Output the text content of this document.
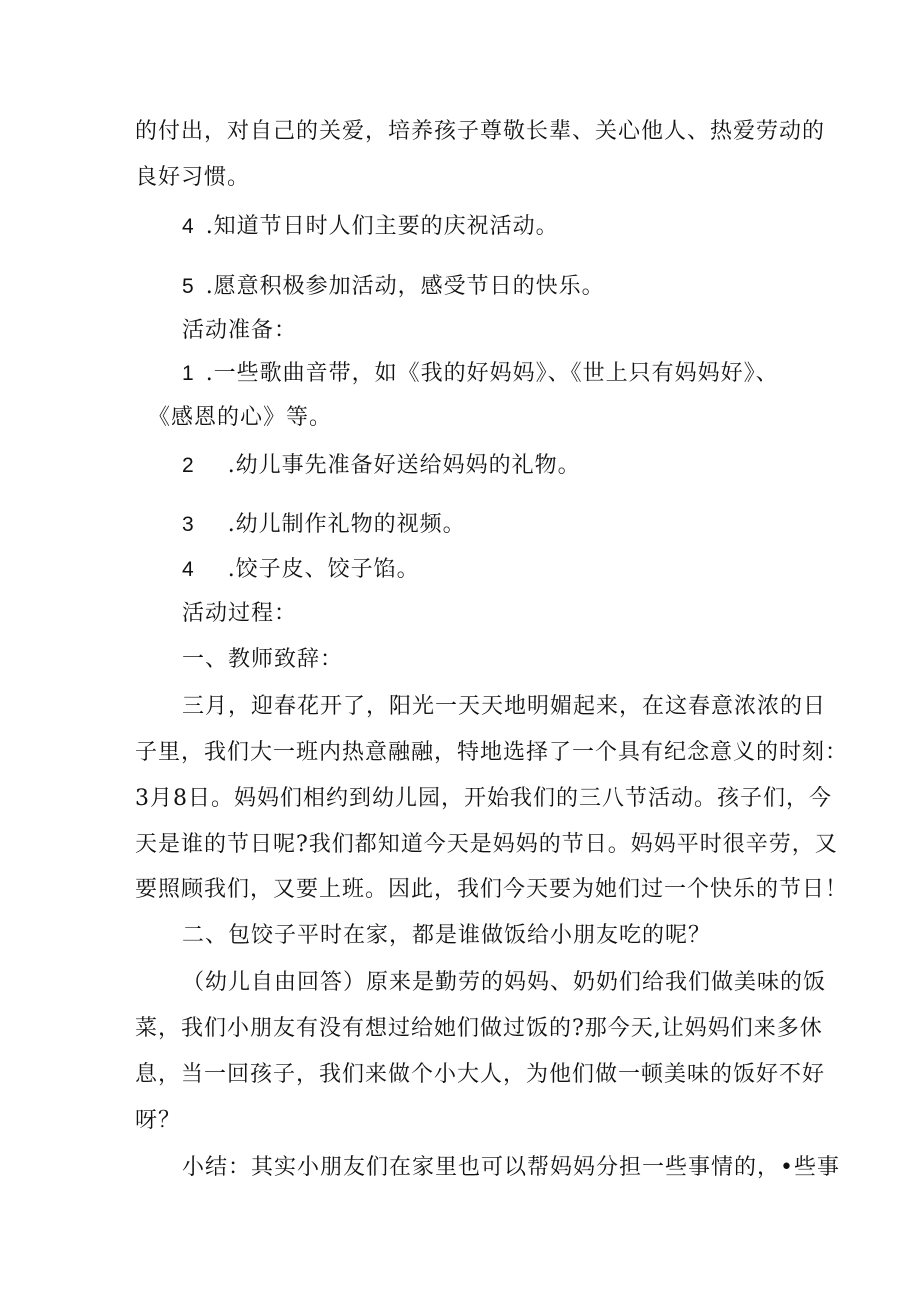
的付出，对自己的关爱，培养孩子尊敬长辈、关心他人、热爱劳动的
良好习惯。
4 .知道节日时人们主要的庆祝活动。
5 .愿意积极参加活动，感受节日的快乐。
活动准备：
1 .一些歌曲音带，如《我的好妈妈》、《世上只有妈妈好》、
《感恩的心》等。
2 .幼儿事先准备好送给妈妈的礼物。
3 .幼儿制作礼物的视频。
4 .饺子皮、饺子馅。
活动过程：
一、教师致辞：
三月，迎春花开了，阳光一天天地明媚起来，在这春意浓浓的日
子里，我们大一班内热意融融，特地选择了一个具有纪念意义的时刻：
3月8日。妈妈们相约到幼儿园，开始我们的三八节活动。孩子们，今
天是谁的节日呢?我们都知道今天是妈妈的节日。妈妈平时很辛劳，又
要照顾我们，又要上班。因此，我们今天要为她们过一个快乐的节日！
二、包饺子平时在家，都是谁做饭给小朋友吃的呢？
（幼儿自由回答）原来是勤劳的妈妈、奶奶们给我们做美味的饭
菜，我们小朋友有没有想过给她们做过饭的?那今天,让妈妈们来多休
息，当一回孩子，我们来做个小大人，为他们做一顿美味的饭好不好
呀？
小结：其实小朋友们在家里也可以帮妈妈分担一些事情的，•些事
